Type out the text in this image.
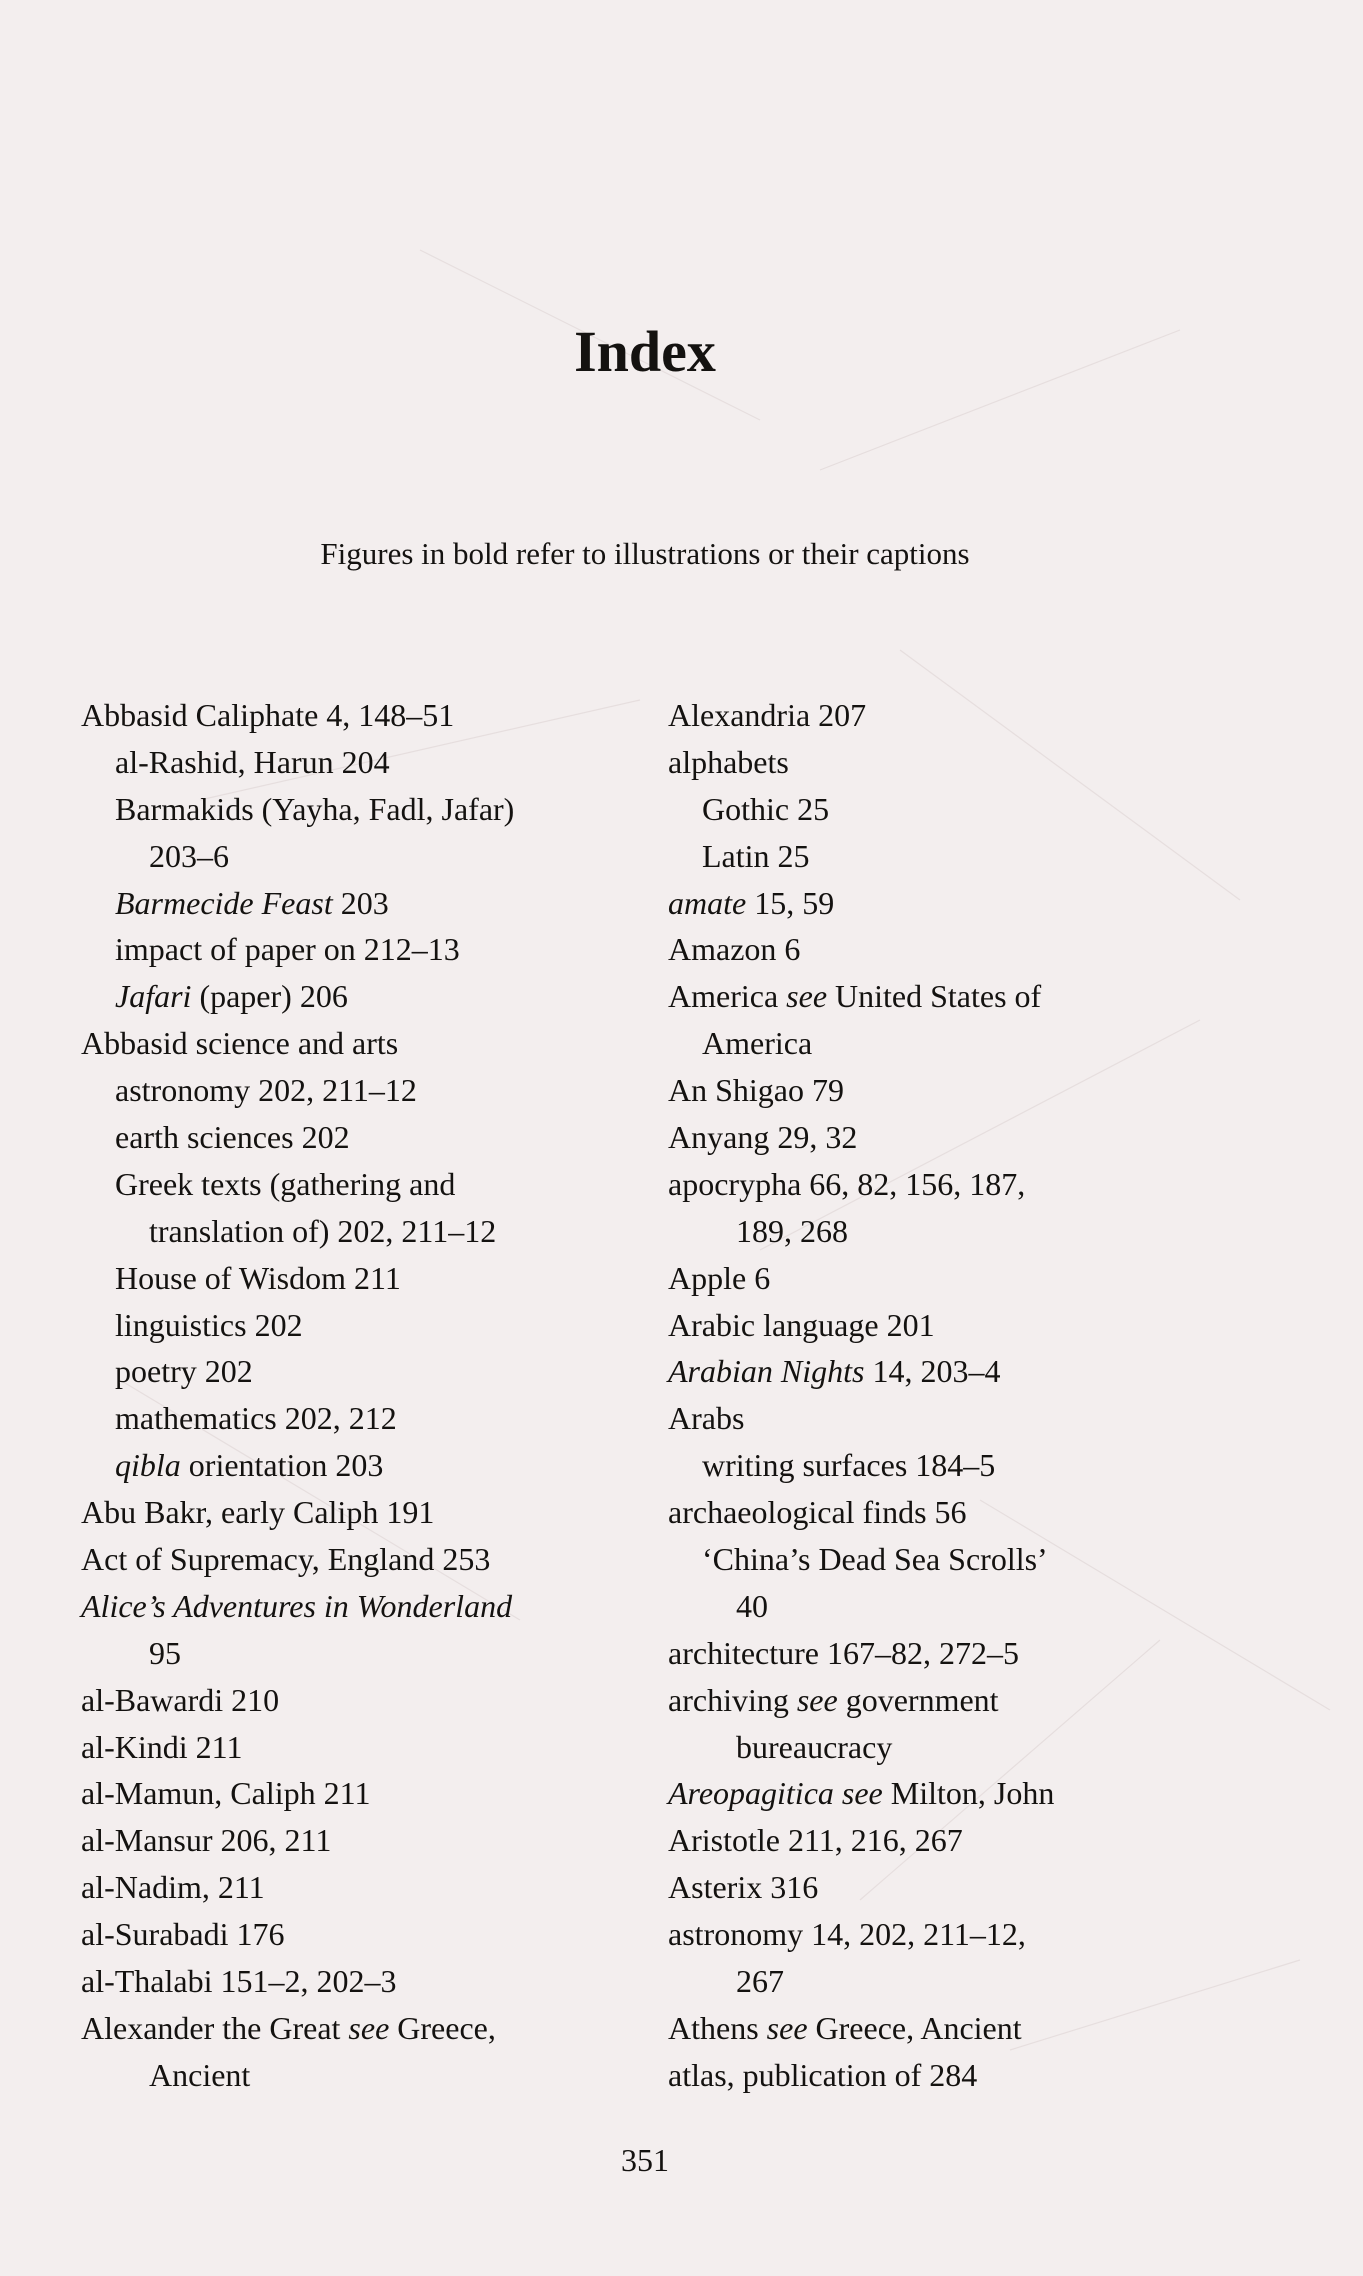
Index

Figures in bold refer to illustrations or their captions

Abbasid Caliphate 4, 148–51
al-Rashid, Harun 204
Barmakids (Yayha, Fadl, Jafar)
203–6
Barmecide Feast 203
impact of paper on 212–13
Jafari (paper) 206
Abbasid science and arts
astronomy 202, 211–12
earth sciences 202
Greek texts (gathering and
translation of) 202, 211–12
House of Wisdom 211
linguistics 202
poetry 202
mathematics 202, 212
qibla orientation 203
Abu Bakr, early Caliph 191
Act of Supremacy, England 253
Alice’s Adventures in Wonderland
95
al-Bawardi 210
al-Kindi 211
al-Mamun, Caliph 211
al-Mansur 206, 211
al-Nadim, 211
al-Surabadi 176
al-Thalabi 151–2, 202–3
Alexander the Great see Greece,
Ancient
Alexandria 207
alphabets
Gothic 25
Latin 25
amate 15, 59
Amazon 6
America see United States of
America
An Shigao 79
Anyang 29, 32
apocrypha 66, 82, 156, 187,
189, 268
Apple 6
Arabic language 201
Arabian Nights 14, 203–4
Arabs
writing surfaces 184–5
archaeological finds 56
‘China’s Dead Sea Scrolls’
40
architecture 167–82, 272–5
archiving see government
bureaucracy
Areopagitica see Milton, John
Aristotle 211, 216, 267
Asterix 316
astronomy 14, 202, 211–12,
267
Athens see Greece, Ancient
atlas, publication of 284
351
